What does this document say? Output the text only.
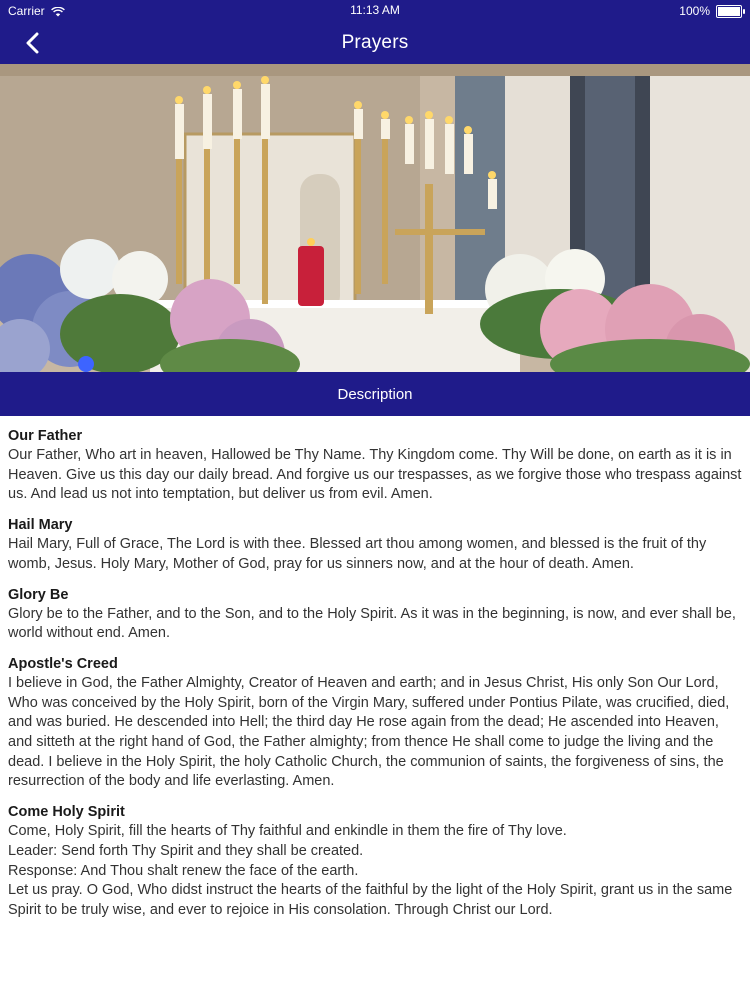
Carrier	11:13 AM	100%
Prayers
Description
Our Father

Our Father, Who art in heaven, Hallowed be Thy Name. Thy Kingdom come. Thy Will be done, on earth as it is in Heaven. Give us this day our daily bread. And forgive us our trespasses, as we forgive those who trespass against us. And lead us not into temptation, but deliver us from evil. Amen.

Hail Mary

Hail Mary, Full of Grace, The Lord is with thee. Blessed art thou among women, and blessed is the fruit of thy womb, Jesus. Holy Mary, Mother of God, pray for us sinners now, and at the hour of death. Amen.

Glory Be

Glory be to the Father, and to the Son, and to the Holy Spirit. As it was in the beginning, is now, and ever shall be, world without end. Amen.

Apostle's Creed

I believe in God, the Father Almighty, Creator of Heaven and earth; and in Jesus Christ, His only Son Our Lord, Who was conceived by the Holy Spirit, born of the Virgin Mary, suffered under Pontius Pilate, was crucified, died, and was buried. He descended into Hell; the third day He rose again from the dead; He ascended into Heaven, and sitteth at the right hand of God, the Father almighty; from thence He shall come to judge the living and the dead. I believe in the Holy Spirit, the holy Catholic Church, the communion of saints, the forgiveness of sins, the resurrection of the body and life everlasting. Amen.

Come Holy Spirit

Come, Holy Spirit, fill the hearts of Thy faithful and enkindle in them the fire of Thy love.

Leader: Send forth Thy Spirit and they shall be created.

Response: And Thou shalt renew the face of the earth.

Let us pray. O God, Who didst instruct the hearts of the faithful by the light of the Holy Spirit, grant us in the same Spirit to be truly wise, and ever to rejoice in His consolation. Through Christ our Lord.
